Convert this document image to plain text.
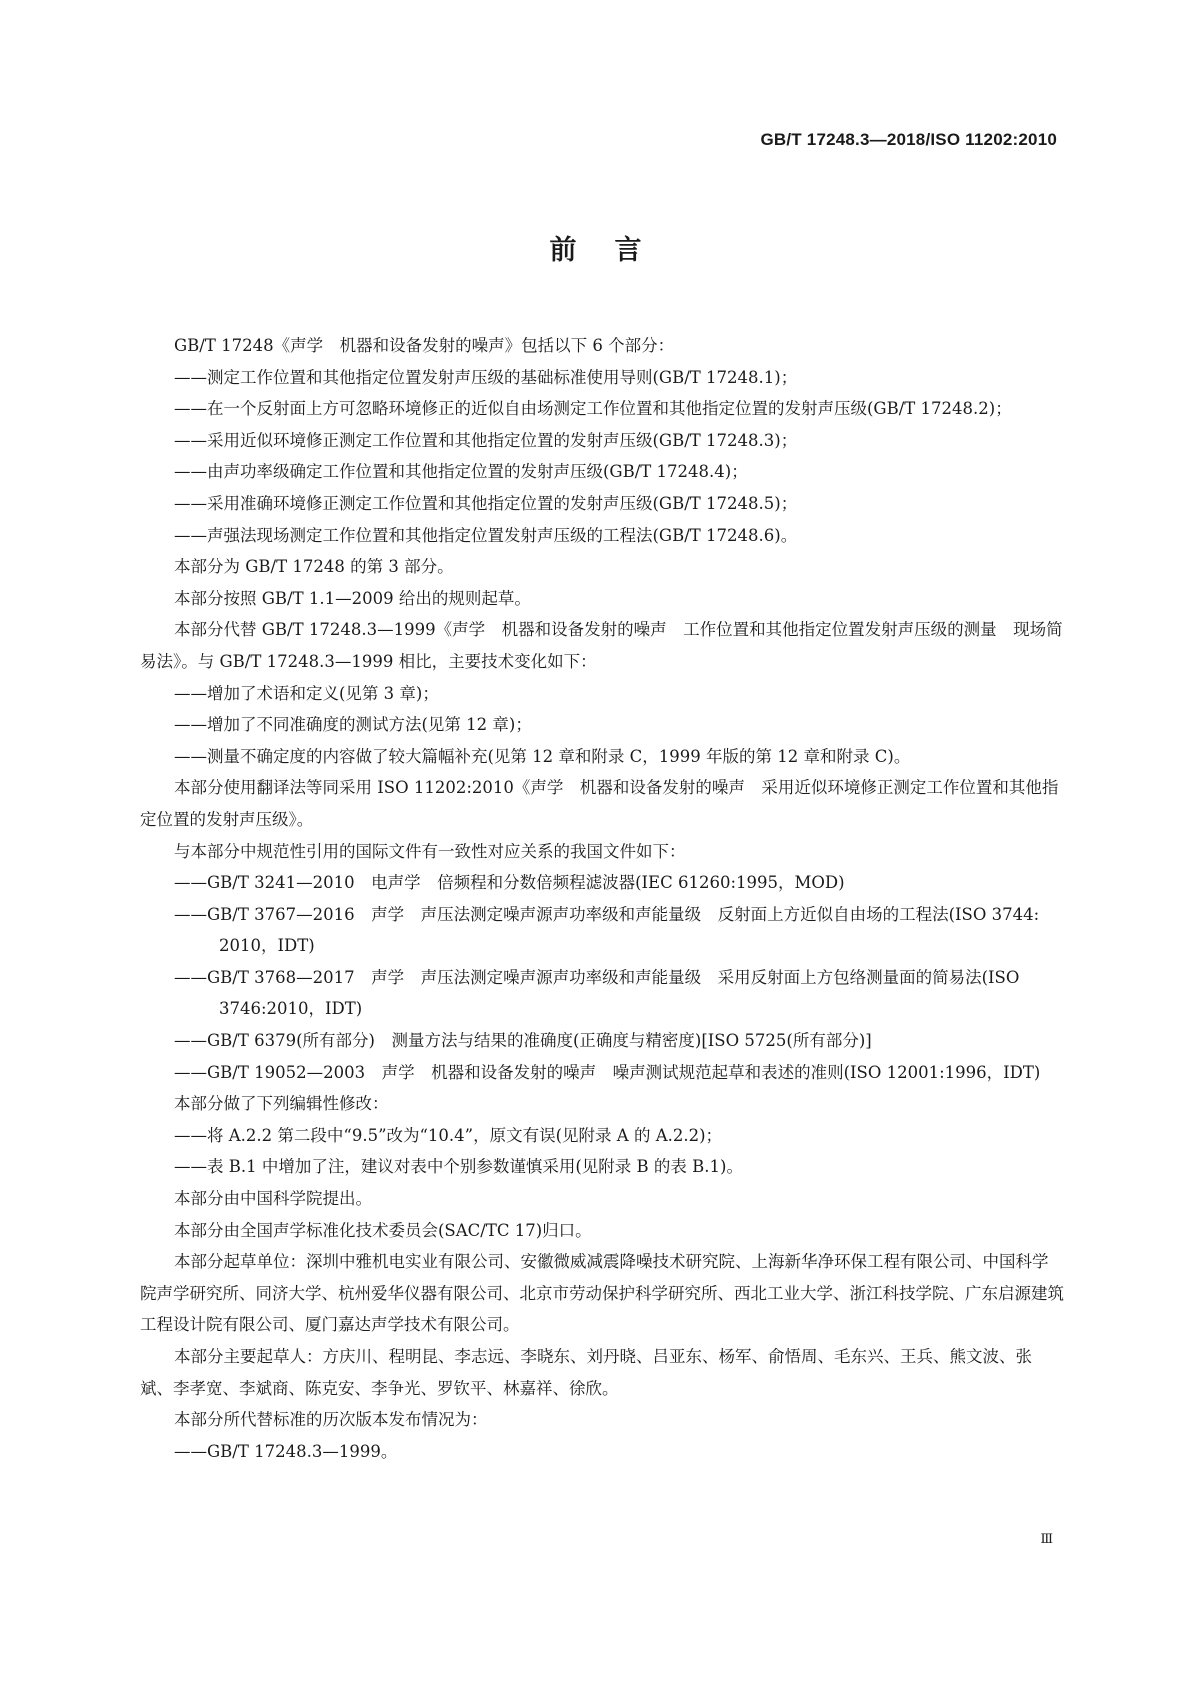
GB/T 17248.3—2018/ISO 11202:2010
前言

GB/T 17248《声学　机器和设备发射的噪声》包括以下 6 个部分：

——测定工作位置和其他指定位置发射声压级的基础标准使用导则(GB/T 17248.1)；

——在一个反射面上方可忽略环境修正的近似自由场测定工作位置和其他指定位置的发射声压级(GB/T 17248.2)；

——采用近似环境修正测定工作位置和其他指定位置的发射声压级(GB/T 17248.3)；

——由声功率级确定工作位置和其他指定位置的发射声压级(GB/T 17248.4)；

——采用准确环境修正测定工作位置和其他指定位置的发射声压级(GB/T 17248.5)；

——声强法现场测定工作位置和其他指定位置发射声压级的工程法(GB/T 17248.6)。

本部分为 GB/T 17248 的第 3 部分。

本部分按照 GB/T 1.1—2009 给出的规则起草。

本部分代替 GB/T 17248.3—1999《声学　机器和设备发射的噪声　工作位置和其他指定位置发射声压级的测量　现场简易法》。与 GB/T 17248.3—1999 相比，主要技术变化如下：

——增加了术语和定义(见第 3 章)；

——增加了不同准确度的测试方法(见第 12 章)；

——测量不确定度的内容做了较大篇幅补充(见第 12 章和附录 C，1999 年版的第 12 章和附录 C)。

本部分使用翻译法等同采用 ISO 11202:2010《声学　机器和设备发射的噪声　采用近似环境修正测定工作位置和其他指定位置的发射声压级》。

与本部分中规范性引用的国际文件有一致性对应关系的我国文件如下：

——GB/T 3241—2010　电声学　倍频程和分数倍频程滤波器(IEC 61260:1995，MOD)

——GB/T 3767—2016　声学　声压法测定噪声源声功率级和声能量级　反射面上方近似自由场的工程法(ISO 3744: 2010，IDT)

——GB/T 3768—2017　声学　声压法测定噪声源声功率级和声能量级　采用反射面上方包络测量面的简易法(ISO 3746:2010，IDT)

——GB/T 6379(所有部分)　测量方法与结果的准确度(正确度与精密度)[ISO 5725(所有部分)]

——GB/T 19052—2003　声学　机器和设备发射的噪声　噪声测试规范起草和表述的准则(ISO 12001:1996，IDT)

本部分做了下列编辑性修改：

——将 A.2.2 第二段中“9.5”改为“10.4”，原文有误(见附录 A 的 A.2.2)；

——表 B.1 中增加了注，建议对表中个别参数谨慎采用(见附录 B 的表 B.1)。

本部分由中国科学院提出。

本部分由全国声学标准化技术委员会(SAC/TC 17)归口。

本部分起草单位：深圳中雅机电实业有限公司、安徽微威减震降噪技术研究院、上海新华净环保工程有限公司、中国科学院声学研究所、同济大学、杭州爱华仪器有限公司、北京市劳动保护科学研究所、西北工业大学、浙江科技学院、广东启源建筑工程设计院有限公司、厦门嘉达声学技术有限公司。

本部分主要起草人：方庆川、程明昆、李志远、李晓东、刘丹晓、吕亚东、杨军、俞悟周、毛东兴、王兵、熊文波、张斌、李孝宽、李斌商、陈克安、李争光、罗钦平、林嘉祥、徐欣。

本部分所代替标准的历次版本发布情况为：

——GB/T 17248.3—1999。

Ⅲ
